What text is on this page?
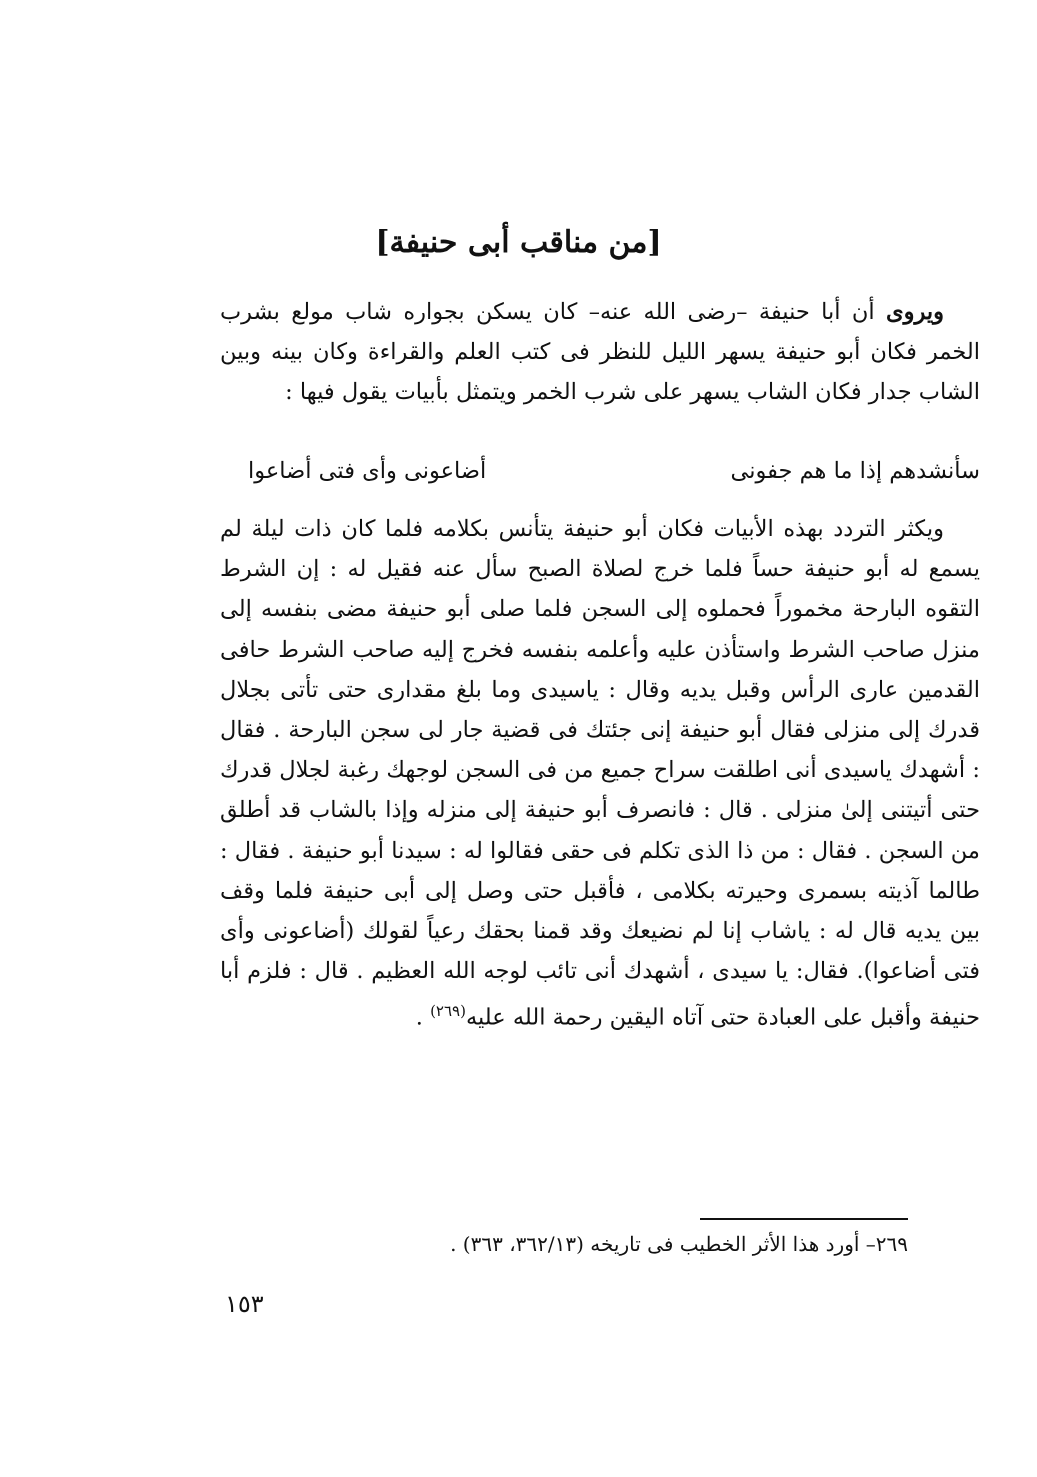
[من مناقب أبى حنيفة]

ويروى أن أبا حنيفة –رضى الله عنه– كان يسكن بجواره شاب مولع بشرب الخمر فكان أبو حنيفة يسهر الليل للنظر فى كتب العلم والقراءة وكان بينه وبين الشاب جدار فكان الشاب يسهر على شرب الخمر ويتمثل بأبيات يقول فيها :

سأنشدهم إذا ما هم جفونى
أضاعونى وأى فتى أضاعوا

ويكثر التردد بهذه الأبيات فكان أبو حنيفة يتأنس بكلامه فلما كان ذات ليلة لم يسمع له أبو حنيفة حساً فلما خرج لصلاة الصبح سأل عنه فقيل له : إن الشرط التقوه البارحة مخموراً فحملوه إلى السجن فلما صلى أبو حنيفة مضى بنفسه إلى منزل صاحب الشرط واستأذن عليه وأعلمه بنفسه فخرج إليه صاحب الشرط حافى القدمين عارى الرأس وقبل يديه وقال : ياسيدى وما بلغ مقدارى حتى تأتى بجلال قدرك إلى منزلى فقال أبو حنيفة إنى جئتك فى قضية جار لى سجن البارحة . فقال : أشهدك ياسيدى أنى اطلقت سراح جميع من فى السجن لوجهك رغبة لجلال قدرك حتى أتيتنى إلىٰ منزلى . قال : فانصرف أبو حنيفة إلى منزله وإذا بالشاب قد أطلق من السجن . فقال : من ذا الذى تكلم فى حقى فقالوا له : سيدنا أبو حنيفة . فقال : طالما آذيته بسمرى وحيرته بكلامى ، فأقبل حتى وصل إلى أبى حنيفة فلما وقف بين يديه قال له : ياشاب إنا لم نضيعك وقد قمنا بحقك رعياً لقولك (أضاعونى وأى فتى أضاعوا). فقال: يا سيدى ، أشهدك أنى تائب لوجه الله العظيم . قال : فلزم أبا حنيفة وأقبل على العبادة حتى آتاه اليقين رحمة الله عليه$^{(٢٦٩)}$ .

٢٦٩– أورد هذا الأثر الخطيب فى تاريخه (٣٦٢/١٣، ٣٦٣) .
١٥٣
